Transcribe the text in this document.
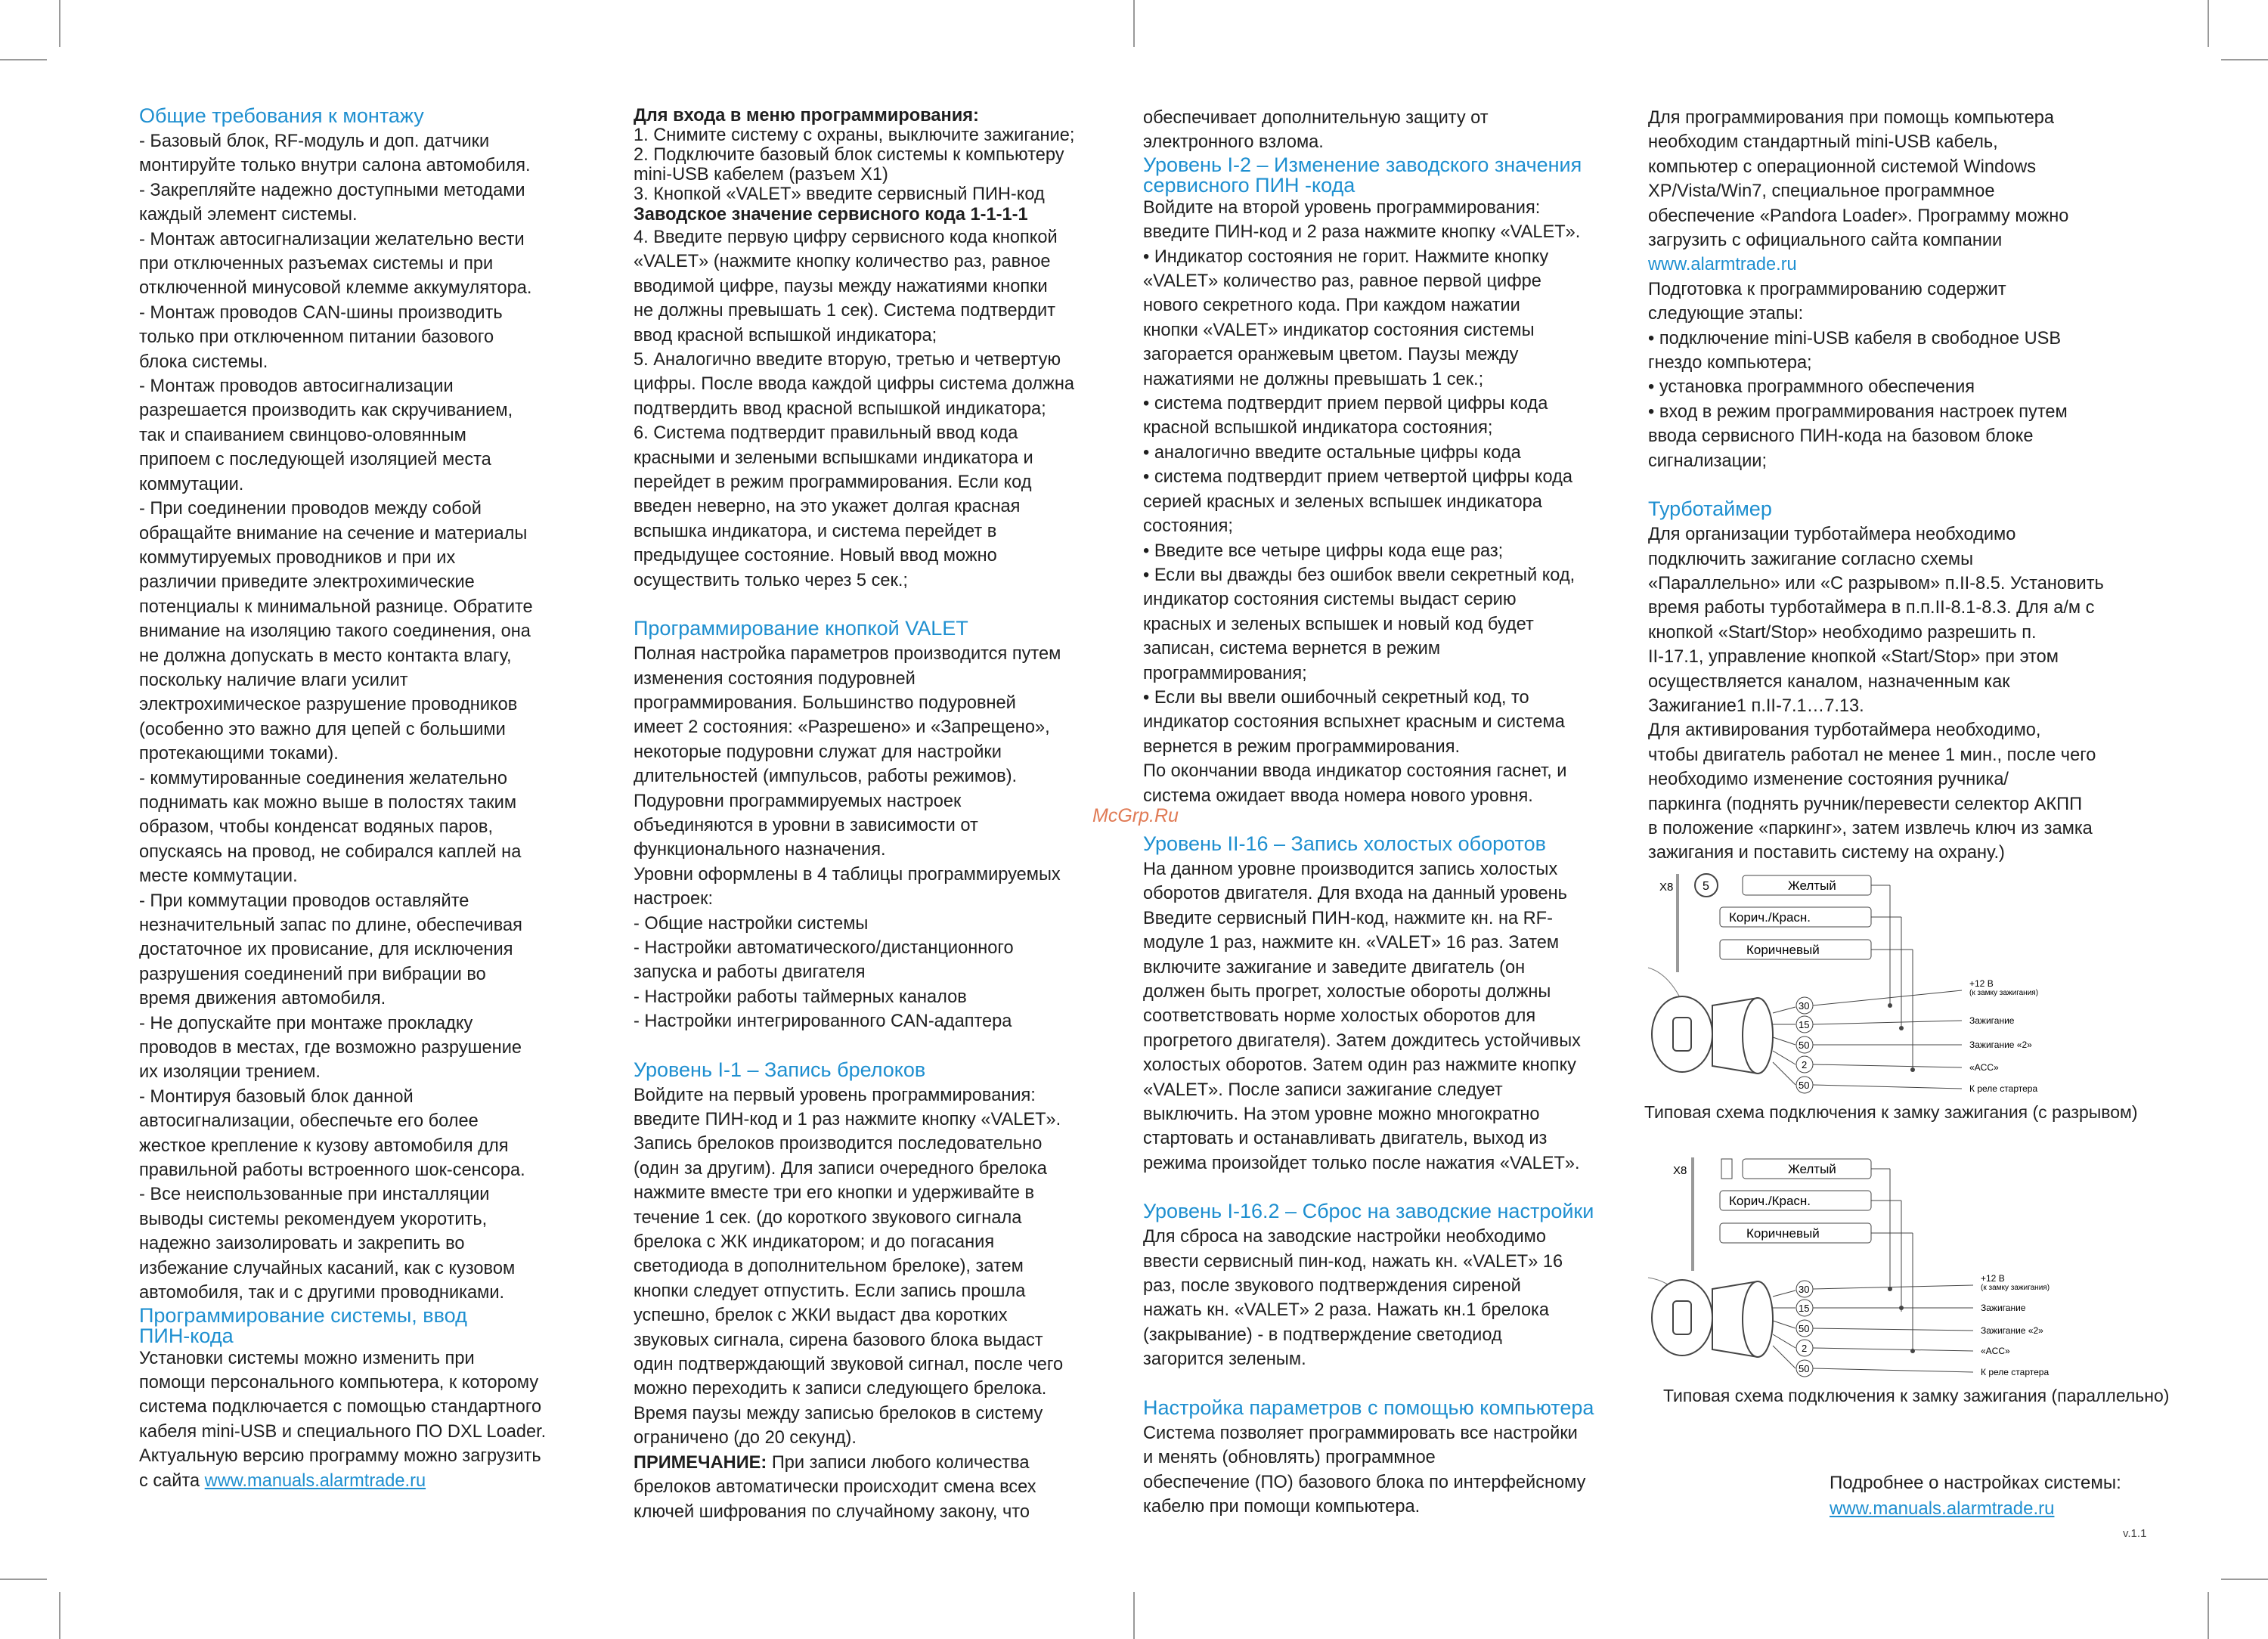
Общие требования к монтажу

- Базовый блок, RF-модуль и доп. датчики
монтируйте только внутри салона автомобиля.
- Закрепляйте надежно доступными методами
каждый элемент системы.
- Монтаж автосигнализации желательно вести
при отключенных разъемах системы и при
отключенной минусовой клемме аккумулятора.
- Монтаж проводов CAN-шины производить
только при отключенном питании базового
блока системы.
- Монтаж проводов автосигнализации
разрешается производить как скручиванием,
так и спаиванием свинцово-оловянным
припоем с последующей изоляцией места
коммутации.
- При соединении проводов между собой
обращайте внимание на сечение и материалы
коммутируемых проводников и при их
различии приведите электрохимические
потенциалы к минимальной разнице. Обратите
внимание на изоляцию такого соединения, она
не должна допускать в место контакта влагу,
поскольку наличие влаги усилит
электрохимическое разрушение проводников
(особенно это важно для цепей с большими
протекающими токами).
- коммутированные соединения желательно
поднимать как можно выше в полостях таким
образом, чтобы конденсат водяных паров,
опускаясь на провод, не собирался каплей на
месте коммутации.
- При коммутации проводов оставляйте
незначительный запас по длине, обеспечивая
достаточное их провисание, для исключения
разрушения соединений при вибрации во
время движения автомобиля.
- Не допускайте при монтаже прокладку
проводов в местах, где возможно разрушение
их изоляции трением.
- Монтируя базовый блок данной
автосигнализации, обеспечьте его более
жесткое крепление к кузову автомобиля для
правильной работы встроенного шок-сенсора.
- Все неиспользованные при инсталляции
выводы системы рекомендуем укоротить,
надежно заизолировать и закрепить во
избежание случайных касаний, как с кузовом
автомобиля, так и с другими проводниками.

Программирование системы, ввод
ПИН-кода

Установки системы можно изменить при
помощи персонального компьютера, к которому
система подключается с помощью стандартного
кабеля mini-USB и специального ПО DXL Loader.
Актуальную версию программу можно загрузить
с сайта www.manuals.alarmtrade.ru

Для входа в меню программирования:

1. Снимите систему с охраны, выключите зажигание;
2. Подключите базовый блок системы к компьютеру
mini-USB кабелем (разъем X1)
3. Кнопкой «VALET» введите сервисный ПИН-код

Заводское значение сервисного кода 1-1-1-1

4. Введите первую цифру сервисного кода кнопкой
«VALET» (нажмите кнопку количество раз, равное
вводимой цифре, паузы между нажатиями кнопки
не должны превышать 1 сек). Система подтвердит
ввод красной вспышкой индикатора;
5. Аналогично введите вторую, третью и четвертую
цифры. После ввода каждой цифры система должна
подтвердить ввод красной вспышкой индикатора;
6. Система подтвердит правильный ввод кода
красными и зелеными вспышками индикатора и
перейдет в режим программирования. Если код
введен неверно, на это укажет долгая красная
вспышка индикатора, и система перейдет в
предыдущее состояние. Новый ввод можно
осуществить только через 5 сек.;

Программирование кнопкой VALET

Полная настройка параметров производится путем
изменения состояния подуровней
программирования. Большинство подуровней
имеет 2 состояния: «Разрешено» и «Запрещено»,
некоторые подуровни служат для настройки
длительностей (импульсов, работы режимов).
Подуровни программируемых настроек
объединяются в уровни в зависимости от
функционального назначения.
Уровни оформлены в 4 таблицы программируемых
настроек:
- Общие настройки системы
- Настройки автоматического/дистанционного
запуска и работы двигателя
- Настройки работы таймерных каналов
- Настройки интегрированного CAN-адаптера

Уровень I-1 – Запись брелоков

Войдите на первый уровень программирования:
введите ПИН-код и 1 раз нажмите кнопку «VALET».
Запись брелоков производится последовательно
(один за другим). Для записи очередного брелока
нажмите вместе три его кнопки и удерживайте в
течение 1 сек. (до короткого звукового сигнала
брелока с ЖК индикатором; и до погасания
светодиода в дополнительном брелоке), затем
кнопки следует отпустить. Если запись прошла
успешно, брелок с ЖКИ выдаст два коротких
звуковых сигнала, сирена базового блока выдаст
один подтверждающий звуковой сигнал, после чего
можно переходить к записи следующего брелока.
Время паузы между записью брелоков в систему
ограничено (до 20 секунд).

ПРИМЕЧАНИЕ: При записи любого количества
брелоков автоматически происходит смена всех
ключей шифрования по случайному закону, что

обеспечивает дополнительную защиту от
электронного взлома.

Уровень I-2 – Изменение заводского значения
сервисного ПИН -кода

Войдите на второй уровень программирования:
введите ПИН-код и 2 раза нажмите кнопку «VALET».
• Индикатор состояния не горит. Нажмите кнопку
«VALET» количество раз, равное первой цифре
нового секретного кода. При каждом нажатии
кнопки «VALET» индикатор состояния системы
загорается оранжевым цветом. Паузы между
нажатиями не должны превышать 1 сек.;
• система подтвердит прием первой цифры кода
красной вспышкой индикатора состояния;
• аналогично введите остальные цифры кода
• система подтвердит прием четвертой цифры кода
серией красных и зеленых вспышек индикатора
состояния;
• Введите все четыре цифры кода еще раз;
• Если вы дважды без ошибок ввели секретный код,
индикатор состояния системы выдаст серию
красных и зеленых вспышек и новый код будет
записан, система вернется в режим
программирования;
• Если вы ввели ошибочный секретный код, то
индикатор состояния вспыхнет красным и система
вернется в режим программирования.
По окончании ввода индикатор состояния гаснет, и
система ожидает ввода номера нового уровня.

Уровень II-16 – Запись холостых оборотов

На данном уровне производится запись холостых
оборотов двигателя. Для входа на данный уровень
Введите сервисный ПИН-код, нажмите кн. на RF-
модуле 1 раз, нажмите кн. «VALET» 16 раз. Затем
включите зажигание и заведите двигатель (он
должен быть прогрет, холостые обороты должны
соответствовать норме холостых оборотов для
прогретого двигателя). Затем дождитесь устойчивых
холостых оборотов. Затем один раз нажмите кнопку
«VALET». После записи зажигание следует
выключить. На этом уровне можно многократно
стартовать и останавливать двигатель, выход из
режима произойдет только после нажатия «VALET».

Уровень I-16.2 – Сброс на заводские настройки

Для сброса на заводские настройки необходимо
ввести сервисный пин-код, нажать кн. «VALET» 16
раз, после звукового подтверждения сиреной
нажать кн. «VALET» 2 раза. Нажать кн.1 брелока
(закрывание) - в подтверждение светодиод
загорится зеленым.

Настройка параметров с помощью компьютера

Система позволяет программировать все настройки
и менять (обновлять) программное
обеспечение (ПО) базового блока по интерфейсному
кабелю при помощи компьютера.

Для программирования при помощь компьютера
необходим стандартный mini-USB кабель,
компьютер с операционной системой Windows
XP/Vista/Win7, специальное программное
обеспечение «Pandora Loader». Программу можно
загрузить с официального сайта компании

www.alarmtrade.ru

Подготовка к программированию содержит
следующие этапы:
• подключение mini-USB кабеля в свободное USB
гнездо компьютера;
• установка программного обеспечения
• вход в режим программирования настроек путем
ввода сервисного ПИН-кода на базовом блоке
сигнализации;

Турботаймер

Для организации турботаймера необходимо
подключить зажигание согласно схемы
«Параллельно» или «С разрывом» п.II-8.5. Установить
время работы турботаймера в п.п.II-8.1-8.3. Для а/м с
кнопкой «Start/Stop» необходимо разрешить п.
II-17.1, управление кнопкой «Start/Stop» при этом
осуществляется каналом, назначенным как
Зажигание1 п.II-7.1…7.13.
Для активирования турботаймера необходимо,
чтобы двигатель работал не менее 1 мин., после чего
необходимо изменение состояния ручника/
паркинга (поднять ручник/перевести селектор АКПП
в положение «паркинг», затем извлечь ключ из замка
зажигания и поставить систему на охрану.)

McGrp.Ru
X8 5	Желтый
Корич./Красн.
Коричневый
30
15
50
2
50
+12 В
(к замку зажигания)
Зажигание
Зажигание «2»
«ACC»
К реле стартера
Типовая схема подключения к замку зажигания (с разрывом)
X8	Желтый
Корич./Красн.
Коричневый
30
15
50
2
50
+12 В
(к замку зажигания)
Зажигание
Зажигание «2»
«ACC»
К реле стартера
Типовая схема подключения к замку зажигания (параллельно)
Подробнее о настройках системы:
www.manuals.alarmtrade.ru
v.1.1
